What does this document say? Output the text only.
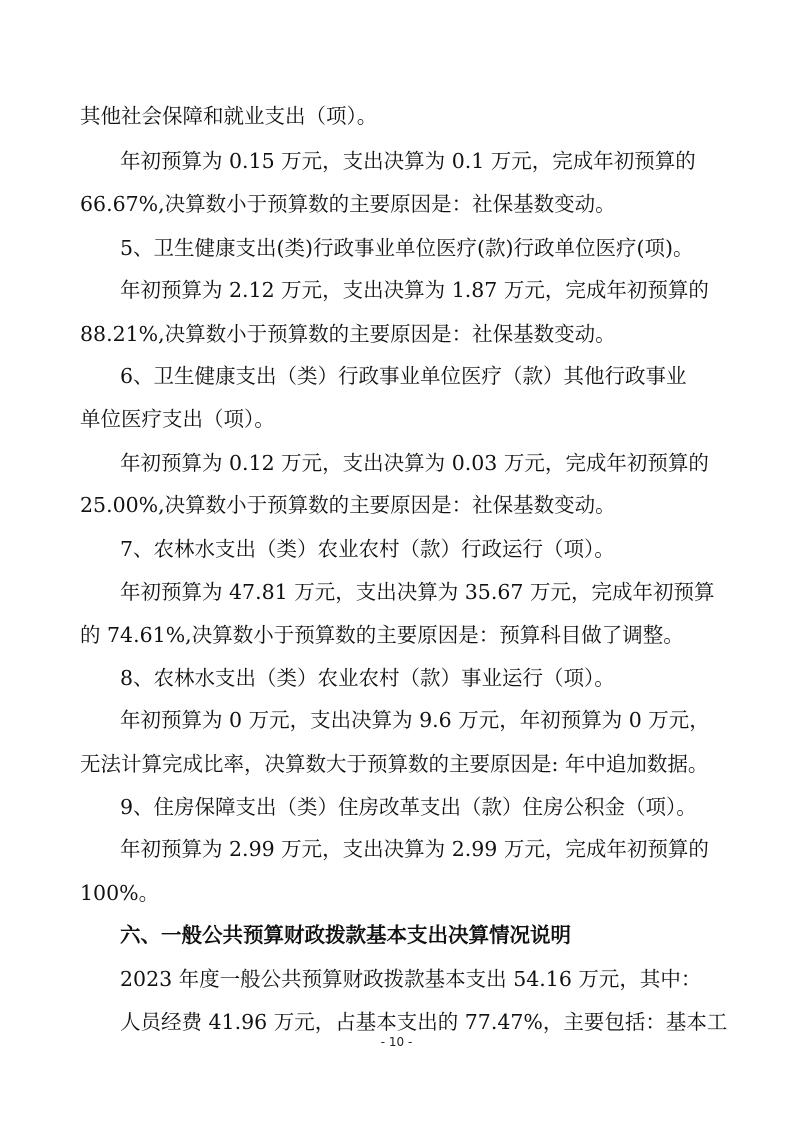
其他社会保障和就业支出（项）。
年初预算为 0.15 万元，支出决算为 0.1 万元，完成年初预算的
66.67%,决算数小于预算数的主要原因是：社保基数变动。
5、卫生健康支出(类)行政事业单位医疗(款)行政单位医疗(项)。
年初预算为 2.12 万元，支出决算为 1.87 万元，完成年初预算的
88.21%,决算数小于预算数的主要原因是：社保基数变动。
6、卫生健康支出（类）行政事业单位医疗（款）其他行政事业
单位医疗支出（项）。
年初预算为 0.12 万元，支出决算为 0.03 万元，完成年初预算的
25.00%,决算数小于预算数的主要原因是：社保基数变动。
7、农林水支出（类）农业农村（款）行政运行（项）。
年初预算为 47.81 万元，支出决算为 35.67 万元，完成年初预算
的 74.61%,决算数小于预算数的主要原因是：预算科目做了调整。
8、农林水支出（类）农业农村（款）事业运行（项）。
年初预算为 0 万元，支出决算为 9.6 万元，年初预算为 0 万元，
无法计算完成比率，决算数大于预算数的主要原因是: 年中追加数据。
9、住房保障支出（类）住房改革支出（款）住房公积金（项）。
年初预算为 2.99 万元，支出决算为 2.99 万元，完成年初预算的
100%。
六、一般公共预算财政拨款基本支出决算情况说明
2023 年度一般公共预算财政拨款基本支出 54.16 万元，其中：
人员经费 41.96 万元，占基本支出的 77.47%，主要包括：基本工
- 10 -
